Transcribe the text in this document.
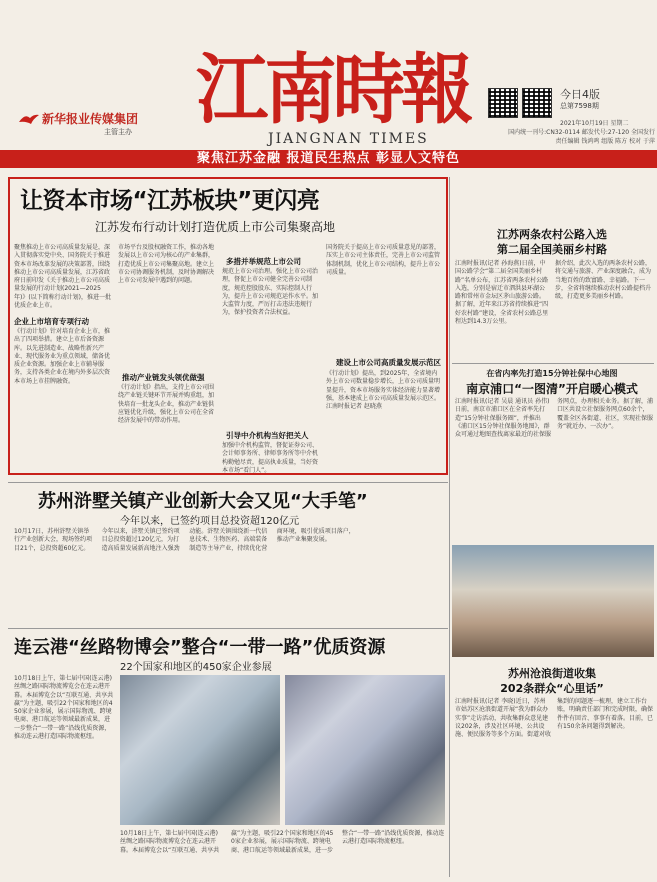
新华报业传媒集团
主管主办 江南時報
JIANGNAN TIMES
今日4版
总第7598期
2021年10月19日 星期二
国内统一刊号:CN32-0114 邮发代号:27-120 全国发行
责任编辑 钱鸿鸣 组版 陈方 校对 于萍
聚焦江苏金融 报道民生热点 彰显人文特色
让资本市场“江苏板块”更闪亮
江苏发布行动计划打造优质上市公司集聚高地
聚焦推动上市公司高质量发展是，深入贯彻落实党中央、国务院关于推进资本市场改革发展的决策部署，围绕推动上市公司高质量发展，江苏省政府日前印发《关于推动上市公司高质量发展的行动计划(2021—2025年)》(以下简称行动计划)，推进一批优质企业上市。
企业上市培育专项行动
《行动计划》针对培育企业上市，推出了四项举措。建立上市后备资源库。以先进制造业、战略性新兴产业、现代服务业为重点领域，储备优质企业资源。加强企业上市辅导服务，支持各类企业在境内外多层次资本市场上市挂牌融资。
市场平台及股权融资工作，推动各地发展以上市公司为核心的产业集群，打造优质上市公司集聚高地。建立上市公司协调服务机制，及时协调解决上市公司发展中遇到的问题。
推动产业链发头领优做强
《行动计划》指出，支持上市公司围绕产业链关键环节开展并购重组，加快培育一批龙头企业，推动产业链供应链优化升级，强化上市公司在全省经济发展中的带动作用。
多措并举规范上市公司
规范上市公司治理。强化上市公司治理，督促上市公司健全完善公司制度，规范控股股东、实际控制人行为，提升上市公司规范运作水平。加大监管力度，严厉打击违法违规行为，保护投资者合法权益。
引导中介机构当好把关人
加强中介机构监管，督促证券公司、会计师事务所、律师事务所等中介机构勤勉尽责，提高执业质量，当好资本市场“看门人”。
国务院关于提高上市公司质量意见的部署，压实上市公司主体责任，完善上市公司监管体制机制，优化上市公司结构，提升上市公司质量。
建设上市公司高质量发展示范区
《行动计划》提出，到2025年，全省境内外上市公司数量稳步增长，上市公司质量明显提升，资本市场服务实体经济能力显著增强，基本建成上市公司高质量发展示范区。 江南时报记者 赵晓燕
江苏两条农村公路入选
第二届全国美丽乡村路
江南时报讯(记者 孙海燕)日前，中国公路学会“第二届全国美丽乡村路”名单公布，江苏省两条农村公路入选，分别是宿迁市泗洪县环湖公路和常州市金坛区茅山旅游公路。据了解，近年来江苏省持续推进“四好农村路”建设，全省农村公路总里程达到14.3万公里。
据介绍，此次入选的两条农村公路，将交通与旅游、产业深度融合，成为当地百姓的致富路、幸福路。下一步，全省将继续推动农村公路提档升级，打造更多美丽乡村路。
在省内率先打造15分钟社保中心地图
南京浦口“一图清”开启暖心模式
江南时报讯(记者 吴晨 通讯员 孙伟)日前，南京市浦口区在全省率先打造“15分钟社保服务圈”，并推出《浦口区15分钟社保服务地图》，群众可通过地图查找离家最近的社保服务网点，办理相关业务。据了解，浦口区共设立社保服务网点60余个，覆盖全区各街道、社区，实现社保服务“就近办、一次办”。
苏州浒墅关镇产业创新大会又见“大手笔”
今年以来，已签约项目总投资超120亿元
10月17日，苏州浒墅关镇举行产业创新大会，现场签约项目21个，总投资超60亿元。今年以来，浒墅关镇已签约项目总投资超过120亿元，为打造高质量发展新高地注入强劲动能。浒墅关镇围绕新一代信息技术、生物医药、高端装备制造等主导产业，持续优化营商环境，吸引优质项目落户，推动产业集聚发展。
连云港“丝路物博会”整合“一带一路”优质资源
22个国家和地区的450家企业参展
10月18日上午，第七届中国(连云港)丝绸之路国际物流博览会在连云港开幕。本届博览会以“互联互通、共享共赢”为主题，吸引22个国家和地区的450家企业参展，展示国际物流、跨境电商、港口航运等领域最新成果，进一步整合“一带一路”沿线优质资源，推动连云港打造国际物流枢纽。
10月18日上午，第七届中国(连云港)丝绸之路国际物流博览会在连云港开幕。本届博览会以“互联互通、共享共赢”为主题，吸引22个国家和地区的450家企业参展，展示国际物流、跨境电商、港口航运等领域最新成果，进一步整合“一带一路”沿线优质资源，推动连云港打造国际物流枢纽。
苏州沧浪街道收集
202条群众“心里话”
江南时报讯(记者 李晓)近日，苏州市姑苏区沧浪街道开展“我为群众办实事”走访活动，共收集群众意见建议202条，涉及社区环境、公共设施、便民服务等多个方面。街道对收集到的问题逐一梳理，建立工作台账，明确责任部门和完成时限，确保件件有回音、事事有着落。目前，已有150余条问题得到解决。
